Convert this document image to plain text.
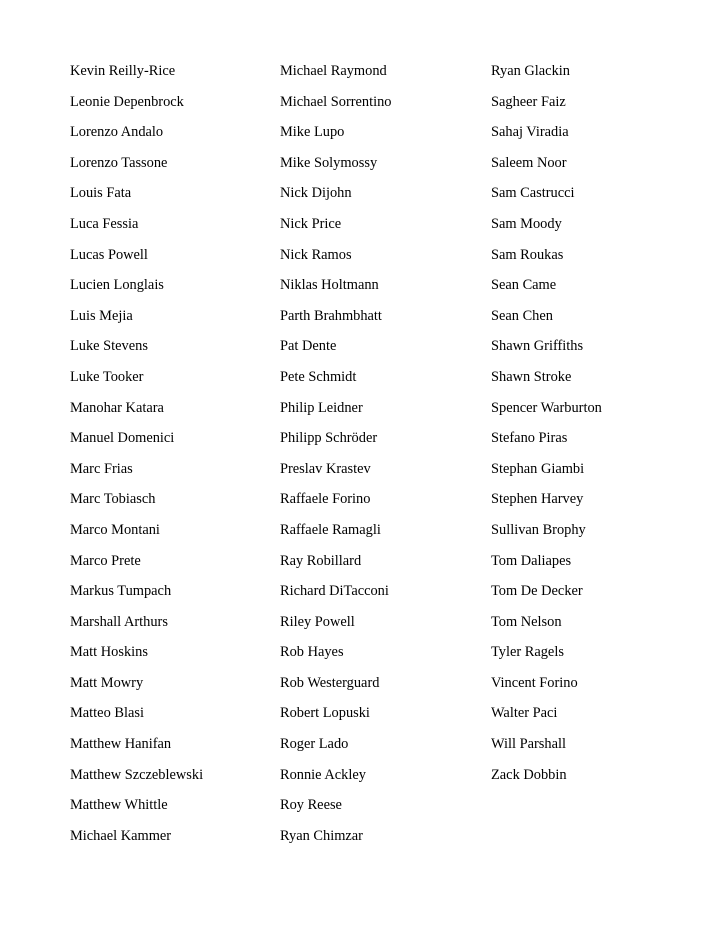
Kevin Reilly-Rice
Leonie Depenbrock
Lorenzo Andalo
Lorenzo Tassone
Louis Fata
Luca Fessia
Lucas Powell
Lucien Longlais
Luis Mejia
Luke Stevens
Luke Tooker
Manohar Katara
Manuel Domenici
Marc Frias
Marc Tobiasch
Marco Montani
Marco Prete
Markus Tumpach
Marshall Arthurs
Matt Hoskins
Matt Mowry
Matteo Blasi
Matthew Hanifan
Matthew Szczeblewski
Matthew Whittle
Michael Kammer
Michael Raymond
Michael Sorrentino
Mike Lupo
Mike Solymossy
Nick Dijohn
Nick Price
Nick Ramos
Niklas Holtmann
Parth Brahmbhatt
Pat Dente
Pete Schmidt
Philip Leidner
Philipp Schröder
Preslav Krastev
Raffaele Forino
Raffaele Ramagli
Ray Robillard
Richard DiTacconi
Riley Powell
Rob Hayes
Rob Westerguard
Robert Lopuski
Roger Lado
Ronnie Ackley
Roy Reese
Ryan Chimzar
Ryan Glackin
Sagheer Faiz
Sahaj Viradia
Saleem Noor
Sam Castrucci
Sam Moody
Sam Roukas
Sean Came
Sean Chen
Shawn Griffiths
Shawn Stroke
Spencer Warburton
Stefano Piras
Stephan Giambi
Stephen Harvey
Sullivan Brophy
Tom Daliapes
Tom De Decker
Tom Nelson
Tyler Ragels
Vincent Forino
Walter Paci
Will Parshall
Zack Dobbin
